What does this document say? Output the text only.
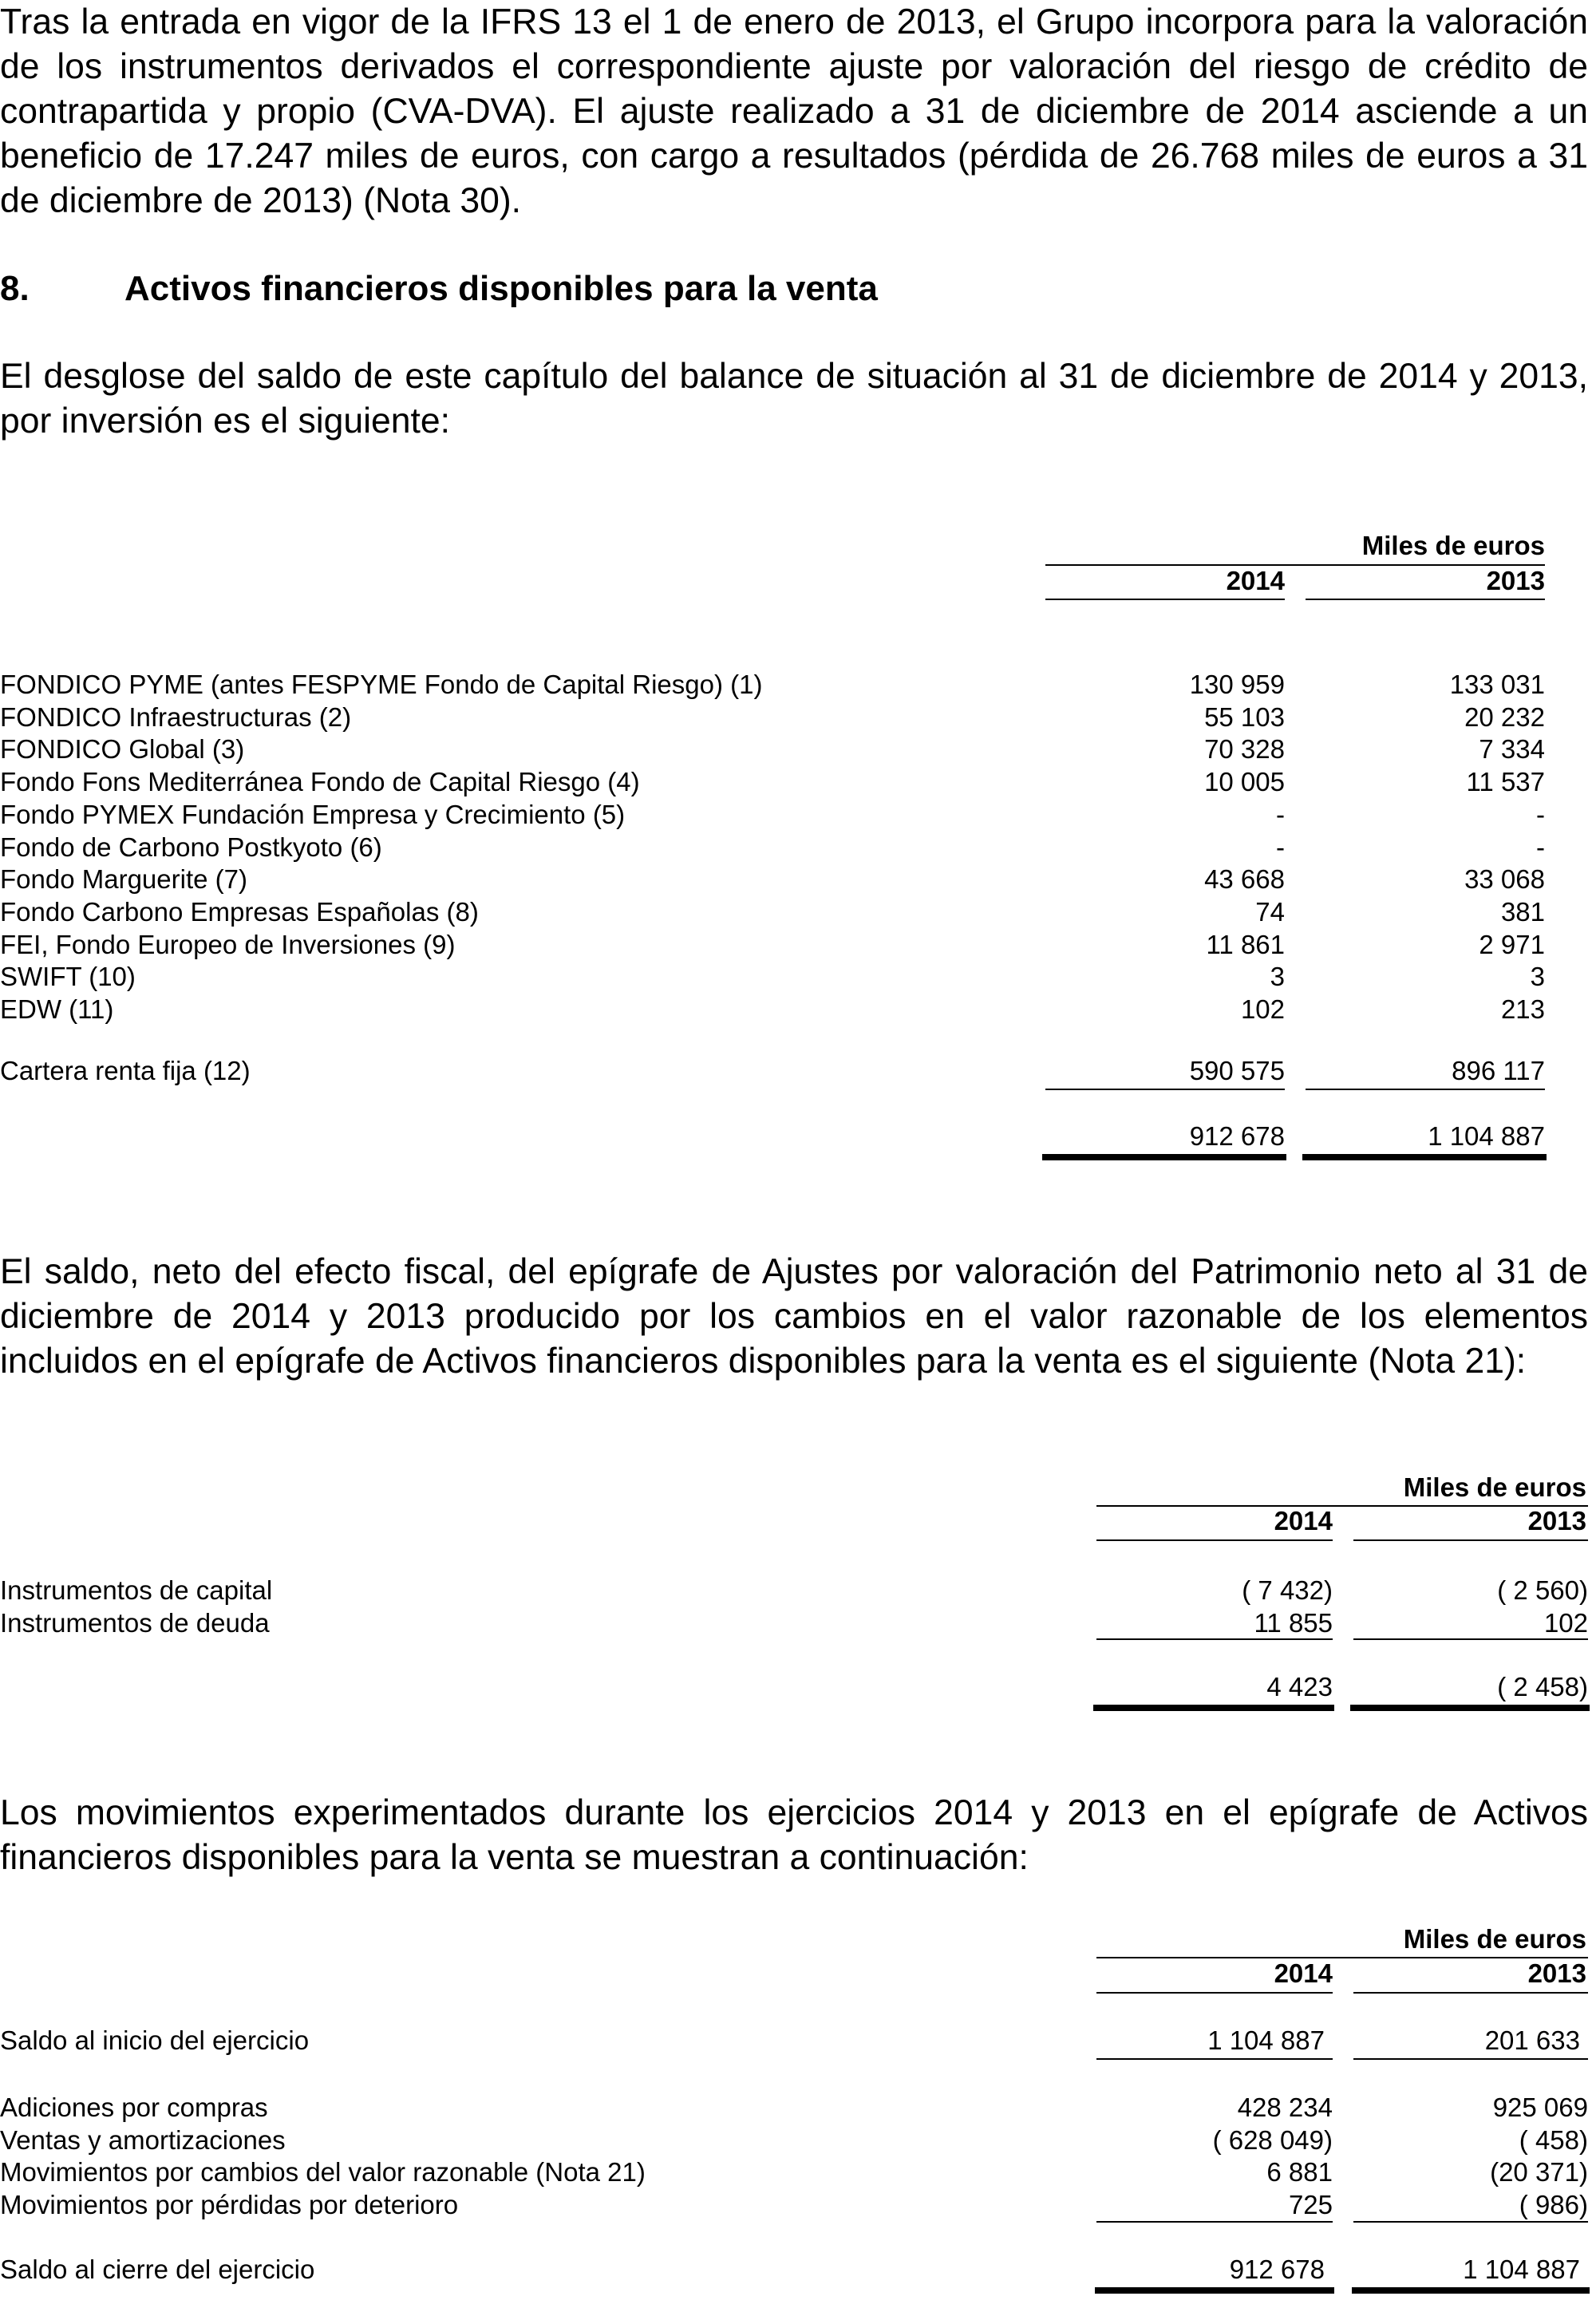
Tras la entrada en vigor de la IFRS 13 el 1 de enero de 2013, el Grupo incorpora para la valoración de los instrumentos derivados el correspondiente ajuste por valoración del riesgo de crédito de contrapartida y propio (CVA-DVA). El ajuste realizado a 31 de diciembre de 2014 asciende a un beneficio de 17.247 miles de euros, con cargo a resultados (pérdida de 26.768 miles de euros a 31 de diciembre de 2013) (Nota 30).

8.	Activos financieros disponibles para la venta

El desglose del saldo de este capítulo del balance de situación al 31 de diciembre de 2014 y 2013, por inversión es el siguiente:

Miles de euros
2014	2013
FONDICO PYME (antes FESPYME Fondo de Capital Riesgo) (1)	130 959	133 031
FONDICO Infraestructuras (2)	55 103	20 232
FONDICO Global (3)	70 328	7 334
Fondo Fons Mediterránea Fondo de Capital Riesgo (4)	10 005	11 537
Fondo PYMEX Fundación Empresa y Crecimiento (5)	-	-
Fondo de Carbono Postkyoto (6)	-	-
Fondo Marguerite (7)	43 668	33 068
Fondo Carbono Empresas Españolas (8)	74	381
FEI, Fondo Europeo de Inversiones (9)	11 861	2 971
SWIFT (10)	3	3
EDW (11)	102	213
Cartera renta fija (12)	590 575	896 117
912 678	1 104 887

El saldo, neto del efecto fiscal, del epígrafe de Ajustes por valoración del Patrimonio neto al 31 de diciembre de 2014 y 2013 producido por los cambios en el valor razonable de los elementos incluidos en el epígrafe de Activos financieros disponibles para la venta es el siguiente (Nota 21):

Miles de euros
2014	2013
Instrumentos de capital	( 7 432)	( 2 560)
Instrumentos de deuda	11 855	102
4 423	( 2 458)

Los movimientos experimentados durante los ejercicios 2014 y 2013 en el epígrafe de Activos financieros disponibles para la venta se muestran a continuación:

Miles de euros
2014	2013
Saldo al inicio del ejercicio	1 104 887	201 633
Adiciones por compras	428 234	925 069
Ventas y amortizaciones	( 628 049)	( 458)
Movimientos por cambios del valor razonable (Nota 21)	6 881	(20 371)
Movimientos por pérdidas por deterioro	725	( 986)
Saldo al cierre del ejercicio	912 678	1 104 887
